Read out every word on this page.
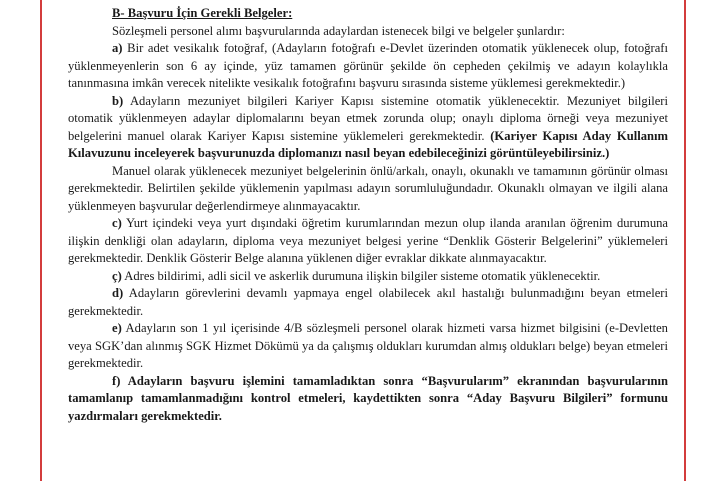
B- Başvuru İçin Gerekli Belgeler:

Sözleşmeli personel alımı başvurularında adaylardan istenecek bilgi ve belgeler şunlardır:

a) Bir adet vesikalık fotoğraf, (Adayların fotoğrafı e-Devlet üzerinden otomatik yüklenecek olup, fotoğrafı yüklenmeyenlerin son 6 ay içinde, yüz tamamen görünür şekilde ön cepheden çekilmiş ve adayın kolaylıkla tanınmasına imkân verecek nitelikte vesikalık fotoğrafını başvuru sırasında sisteme yüklemesi gerekmektedir.)

b) Adayların mezuniyet bilgileri Kariyer Kapısı sistemine otomatik yüklenecektir. Mezuniyet bilgileri otomatik yüklenmeyen adaylar diplomalarını beyan etmek zorunda olup; onaylı diploma örneği veya mezuniyet belgelerini manuel olarak Kariyer Kapısı sistemine yüklemeleri gerekmektedir. (Kariyer Kapısı Aday Kullanım Kılavuzunu inceleyerek başvurunuzda diplomanızı nasıl beyan edebileceğinizi görüntüleyebilirsiniz.)

Manuel olarak yüklenecek mezuniyet belgelerinin önlü/arkalı, onaylı, okunaklı ve tamamının görünür olması gerekmektedir. Belirtilen şekilde yüklemenin yapılması adayın sorumluluğundadır. Okunaklı olmayan ve ilgili alana yüklenmeyen başvurular değerlendirmeye alınmayacaktır.

c) Yurt içindeki veya yurt dışındaki öğretim kurumlarından mezun olup ilanda aranılan öğrenim durumuna ilişkin denkliği olan adayların, diploma veya mezuniyet belgesi yerine “Denklik Gösterir Belgelerini” yüklemeleri gerekmektedir. Denklik Gösterir Belge alanına yüklenen diğer evraklar dikkate alınmayacaktır.

ç) Adres bildirimi, adli sicil ve askerlik durumuna ilişkin bilgiler sisteme otomatik yüklenecektir.

d) Adayların görevlerini devamlı yapmaya engel olabilecek akıl hastalığı bulunmadığını beyan etmeleri gerekmektedir.

e) Adayların son 1 yıl içerisinde 4/B sözleşmeli personel olarak hizmeti varsa hizmet bilgisini (e-Devletten veya SGK’dan alınmış SGK Hizmet Dökümü ya da çalışmış oldukları kurumdan almış oldukları belge) beyan etmeleri gerekmektedir.

f) Adayların başvuru işlemini tamamladıktan sonra “Başvurularım” ekranından başvurularının tamamlanıp tamamlanmadığını kontrol etmeleri, kaydettikten sonra “Aday Başvuru Bilgileri” formunu yazdırmaları gerekmektedir.
